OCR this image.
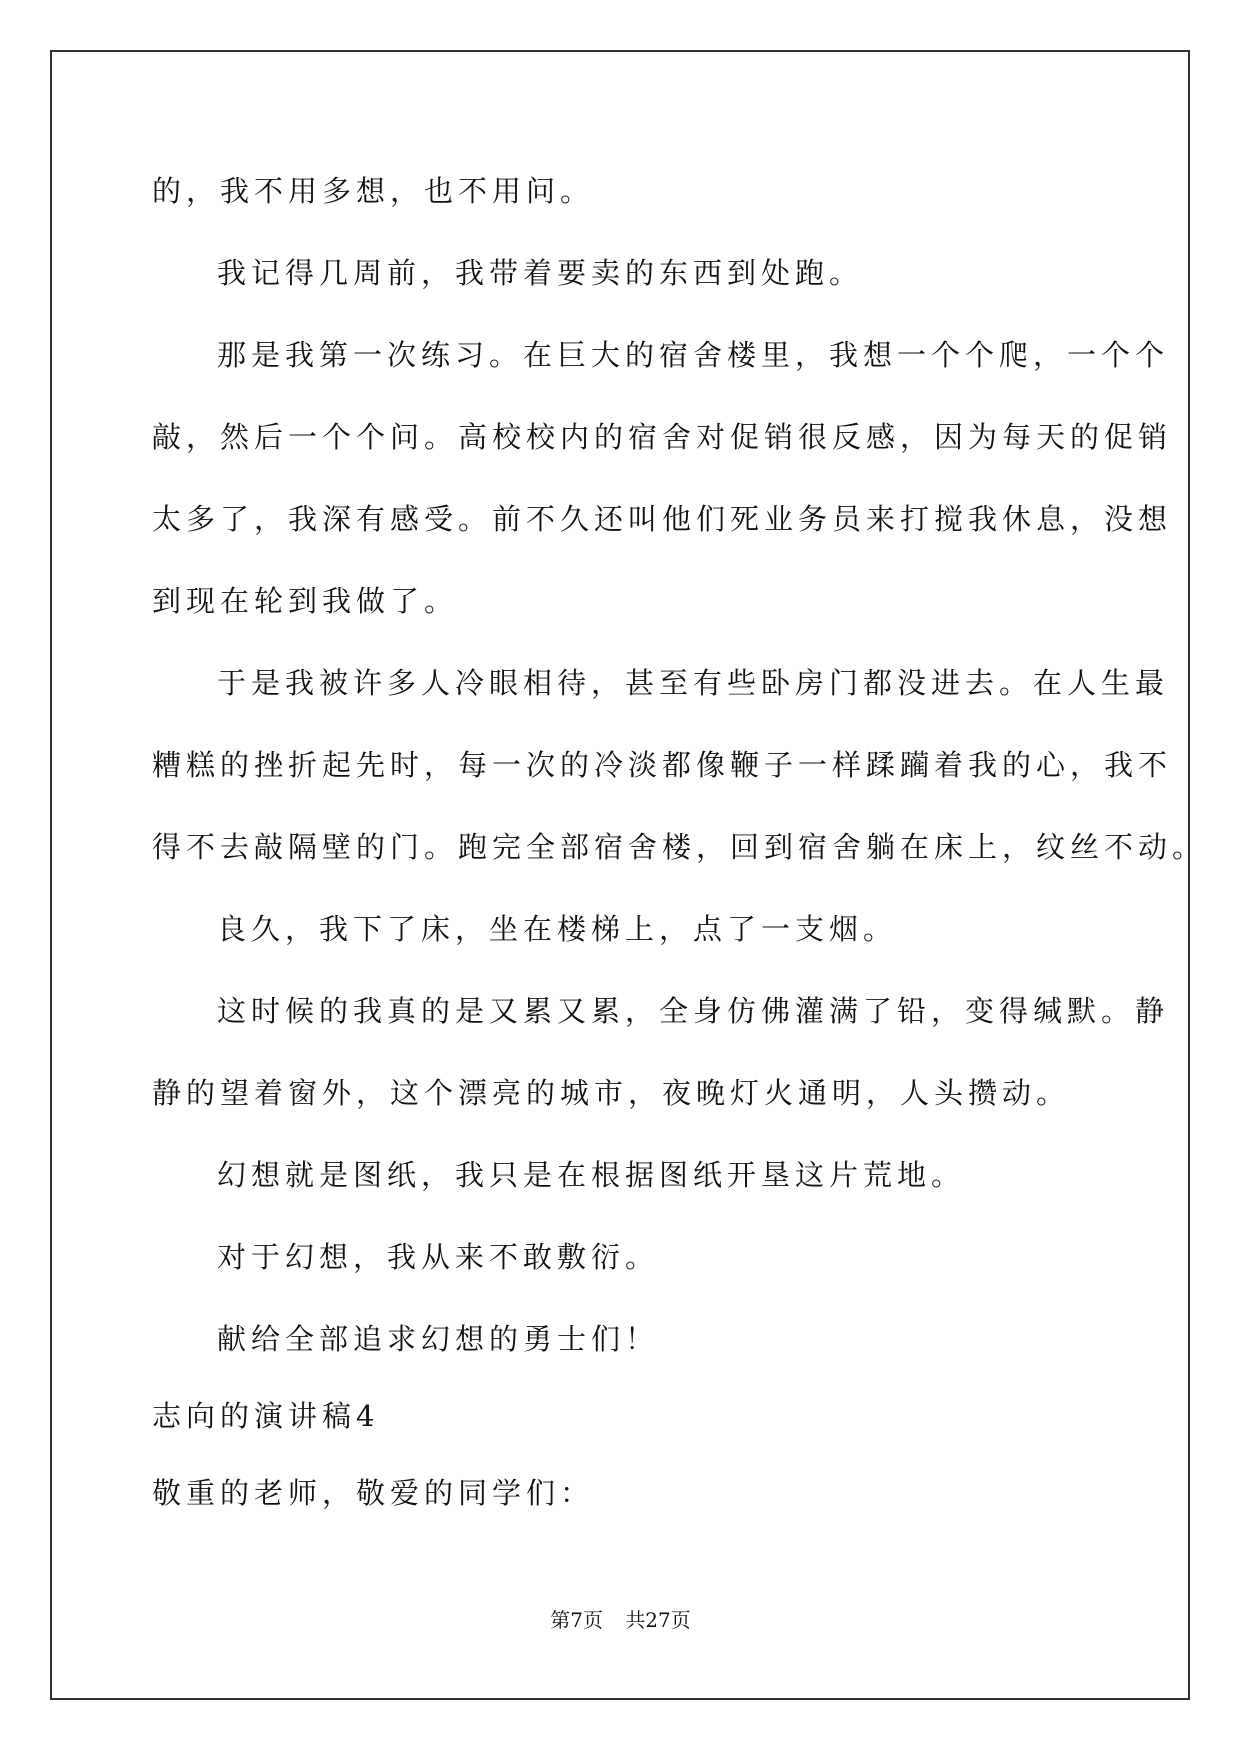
的，我不用多想，也不用问。
我记得几周前，我带着要卖的东西到处跑。
那是我第一次练习。在巨大的宿舍楼里，我想一个个爬，一个个
敲，然后一个个问。高校校内的宿舍对促销很反感，因为每天的促销
太多了，我深有感受。前不久还叫他们死业务员来打搅我休息，没想
到现在轮到我做了。
于是我被许多人冷眼相待，甚至有些卧房门都没进去。在人生最
糟糕的挫折起先时，每一次的冷淡都像鞭子一样蹂躏着我的心，我不
得不去敲隔壁的门。跑完全部宿舍楼，回到宿舍躺在床上，纹丝不动。
良久，我下了床，坐在楼梯上，点了一支烟。
这时候的我真的是又累又累，全身仿佛灌满了铅，变得缄默。静
静的望着窗外，这个漂亮的城市，夜晚灯火通明，人头攒动。
幻想就是图纸，我只是在根据图纸开垦这片荒地。
对于幻想，我从来不敢敷衍。
献给全部追求幻想的勇士们！
志向的演讲稿4
敬重的老师，敬爱的同学们：
第7页 共27页
